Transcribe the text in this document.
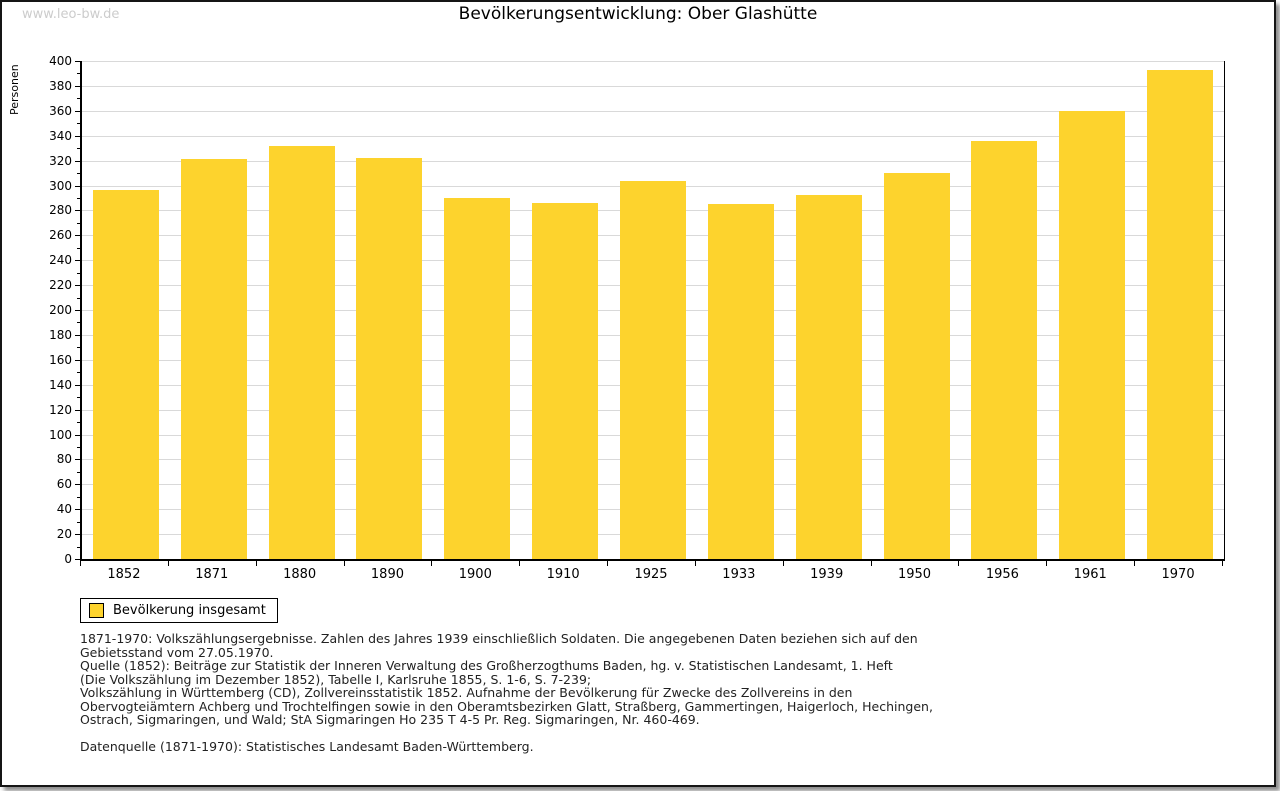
www.leo-bw.de	Bevölkerungsentwicklung: Ober Glashütte
Personen
1852	1871	1880	1890	1900	1910	1925	1933	1939	1950	1956	1961	1970
0
20
40
60
80
100
120
140
160
180
200
220
240
260
280
300
320
340
360
380
400
Bevölkerung insgesamt
1871-1970: Volkszählungsergebnisse. Zahlen des Jahres 1939 einschließlich Soldaten. Die angegebenen Daten beziehen sich auf den
Gebietsstand vom 27.05.1970.
Quelle (1852): Beiträge zur Statistik der Inneren Verwaltung des Großherzogthums Baden, hg. v. Statistischen Landesamt, 1. Heft
(Die Volkszählung im Dezember 1852), Tabelle I, Karlsruhe 1855, S. 1-6, S. 7-239;
Volkszählung in Württemberg (CD), Zollvereinsstatistik 1852. Aufnahme der Bevölkerung für Zwecke des Zollvereins in den
Obervogteiämtern Achberg und Trochtelfingen sowie in den Oberamtsbezirken Glatt, Straßberg, Gammertingen, Haigerloch, Hechingen,
Ostrach, Sigmaringen, und Wald; StA Sigmaringen Ho 235 T 4-5 Pr. Reg. Sigmaringen, Nr. 460-469.

Datenquelle (1871-1970): Statistisches Landesamt Baden-Württemberg.
